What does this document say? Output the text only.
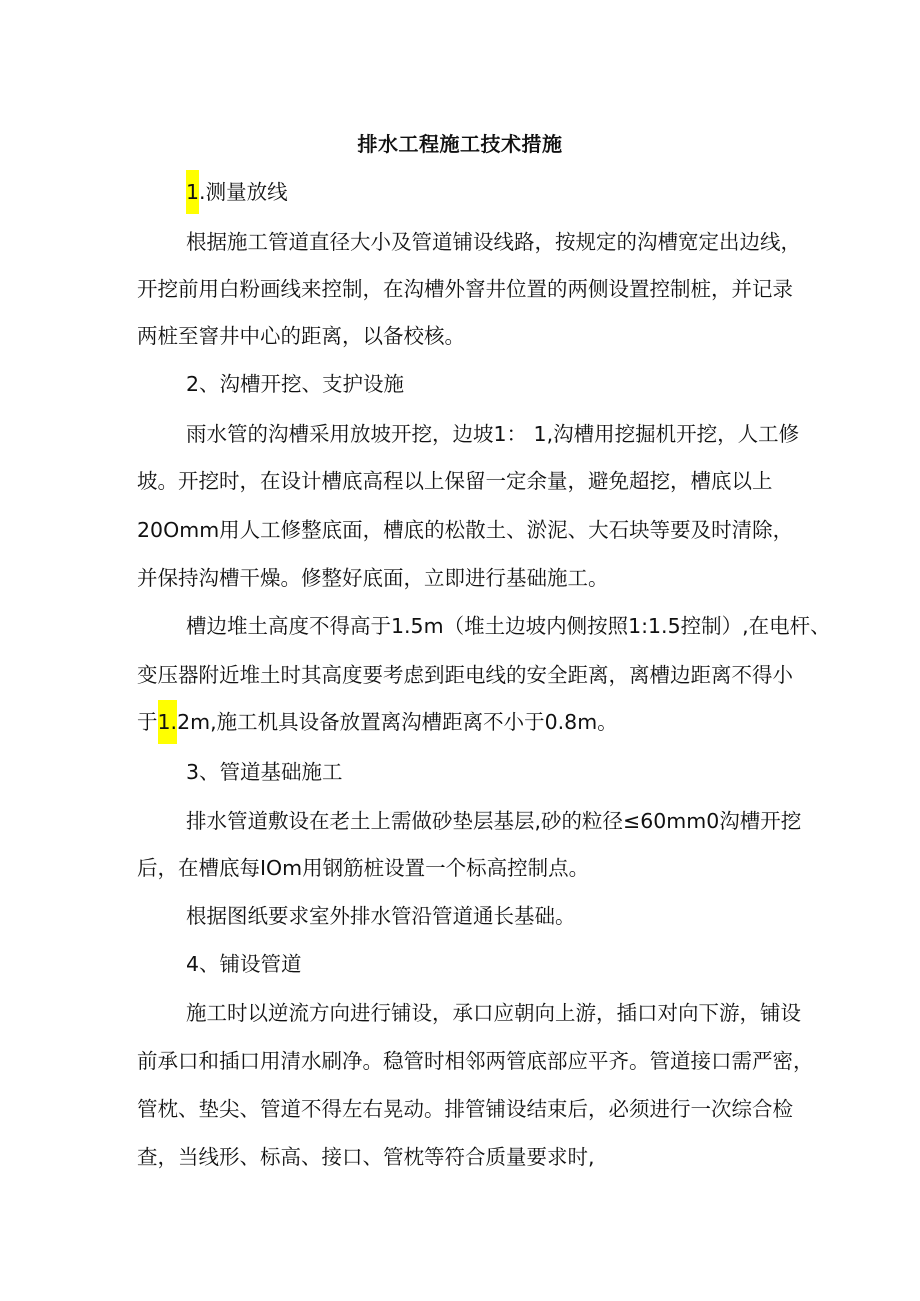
排水工程施工技术措施
1.测量放线
根据施工管道直径大小及管道铺设线路，按规定的沟槽宽定出边线，
开挖前用白粉画线来控制，在沟槽外窨井位置的两侧设置控制桩，并记录
两桩至窨井中心的距离，以备校核。
2、沟槽开挖、支护设施
雨水管的沟槽采用放坡开挖，边坡1： 1,沟槽用挖掘机开挖，人工修
坡。开挖时，在设计槽底高程以上保留一定余量，避免超挖，槽底以上
20Omm用人工修整底面，槽底的松散土、淤泥、大石块等要及时清除，
并保持沟槽干燥。修整好底面，立即进行基础施工。
槽边堆土高度不得高于1.5m（堆土边坡内侧按照1:1.5控制）,在电杆、
变压器附近堆土时其高度要考虑到距电线的安全距离，离槽边距离不得小
于1.2m,施工机具设备放置离沟槽距离不小于0.8m。
3、管道基础施工
排水管道敷设在老土上需做砂垫层基层,砂的粒径≤60mm0沟槽开挖
后，在槽底每IOm用钢筋桩设置一个标高控制点。
根据图纸要求室外排水管沿管道通长基础。
4、铺设管道
施工时以逆流方向进行铺设，承口应朝向上游，插口对向下游，铺设
前承口和插口用清水刷净。稳管时相邻两管底部应平齐。管道接口需严密，
管枕、垫尖、管道不得左右晃动。排管铺设结束后，必须进行一次综合检
查，当线形、标高、接口、管枕等符合质量要求时,
